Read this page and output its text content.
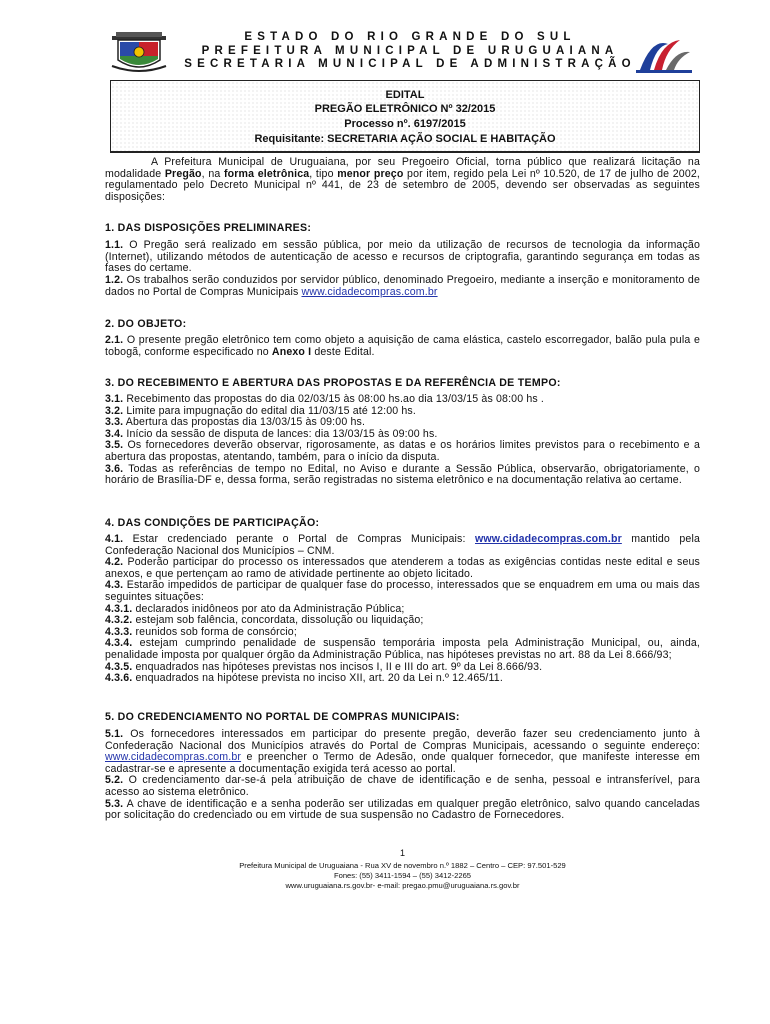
ESTADO DO RIO GRANDE DO SUL
PREFEITURA MUNICIPAL DE URUGUAIANA
SECRETARIA MUNICIPAL DE ADMINISTRAÇÃO
EDITAL
PREGÃO ELETRÔNICO Nº 32/2015
Processo nº. 6197/2015
Requisitante: SECRETARIA AÇÃO SOCIAL E HABITAÇÃO
A Prefeitura Municipal de Uruguaiana, por seu Pregoeiro Oficial, torna público que realizará licitação na modalidade Pregão, na forma eletrônica, tipo menor preço por item, regido pela Lei nº 10.520, de 17 de julho de 2002, regulamentado pelo Decreto Municipal nº 441, de 23 de setembro de 2005, devendo ser observadas as seguintes disposições:
1. DAS DISPOSIÇÕES PRELIMINARES:
1.1. O Pregão será realizado em sessão pública, por meio da utilização de recursos de tecnologia da informação (Internet), utilizando métodos de autenticação de acesso e recursos de criptografia, garantindo segurança em todas as fases do certame.
1.2. Os trabalhos serão conduzidos por servidor público, denominado Pregoeiro, mediante a inserção e monitoramento de dados no Portal de Compras Municipais www.cidadecompras.com.br
2. DO OBJETO:
2.1. O presente pregão eletrônico tem como objeto a aquisição de cama elástica, castelo escorregador, balão pula pula e tobogã, conforme especificado no Anexo I deste Edital.
3. DO RECEBIMENTO E ABERTURA DAS PROPOSTAS E DA REFERÊNCIA DE TEMPO:
3.1. Recebimento das propostas do dia 02/03/15 às 08:00 hs.ao dia 13/03/15 às 08:00 hs .
3.2. Limite para impugnação do edital dia 11/03/15 até 12:00 hs.
3.3. Abertura das propostas dia 13/03/15 às 09:00 hs.
3.4. Início da sessão de disputa de lances: dia 13/03/15 às 09:00 hs.
3.5. Os fornecedores deverão observar, rigorosamente, as datas e os horários limites previstos para o recebimento e a abertura das propostas, atentando, também, para o início da disputa.
3.6. Todas as referências de tempo no Edital, no Aviso e durante a Sessão Pública, observarão, obrigatoriamente, o horário de Brasília-DF e, dessa forma, serão registradas no sistema eletrônico e na documentação relativa ao certame.
4. DAS CONDIÇÕES DE PARTICIPAÇÃO:
4.1. Estar credenciado perante o Portal de Compras Municipais: www.cidadecompras.com.br mantido pela Confederação Nacional dos Municípios – CNM.
4.2. Poderão participar do processo os interessados que atenderem a todas as exigências contidas neste edital e seus anexos, e que pertençam ao ramo de atividade pertinente ao objeto licitado.
4.3. Estarão impedidos de participar de qualquer fase do processo, interessados que se enquadrem em uma ou mais das seguintes situações:
4.3.1. declarados inidôneos por ato da Administração Pública;
4.3.2. estejam sob falência, concordata, dissolução ou liquidação;
4.3.3. reunidos sob forma de consórcio;
4.3.4. estejam cumprindo penalidade de suspensão temporária imposta pela Administração Municipal, ou, ainda, penalidade imposta por qualquer órgão da Administração Pública, nas hipóteses previstas no art. 88 da Lei 8.666/93;
4.3.5. enquadrados nas hipóteses previstas nos incisos I, II e III do art. 9º da Lei 8.666/93.
4.3.6. enquadrados na hipótese prevista no inciso XII, art. 20 da Lei n.º 12.465/11.
5. DO CREDENCIAMENTO NO PORTAL DE COMPRAS MUNICIPAIS:
5.1. Os fornecedores interessados em participar do presente pregão, deverão fazer seu credenciamento junto à Confederação Nacional dos Municípios através do Portal de Compras Municipais, acessando o seguinte endereço: www.cidadecompras.com.br e preencher o Termo de Adesão, onde qualquer fornecedor, que manifeste interesse em cadastrar-se e apresente a documentação exigida terá acesso ao portal.
5.2. O credenciamento dar-se-á pela atribuição de chave de identificação e de senha, pessoal e intransferível, para acesso ao sistema eletrônico.
5.3. A chave de identificação e a senha poderão ser utilizadas em qualquer pregão eletrônico, salvo quando canceladas por solicitação do credenciado ou em virtude de sua suspensão no Cadastro de Fornecedores.
1
Prefeitura Municipal de Uruguaiana - Rua XV de novembro n.º 1882 – Centro – CEP: 97.501-529
Fones: (55) 3411-1594 – (55) 3412-2265
www.uruguaiana.rs.gov.br- e-mail: pregao.pmu@uruguaiana.rs.gov.br
